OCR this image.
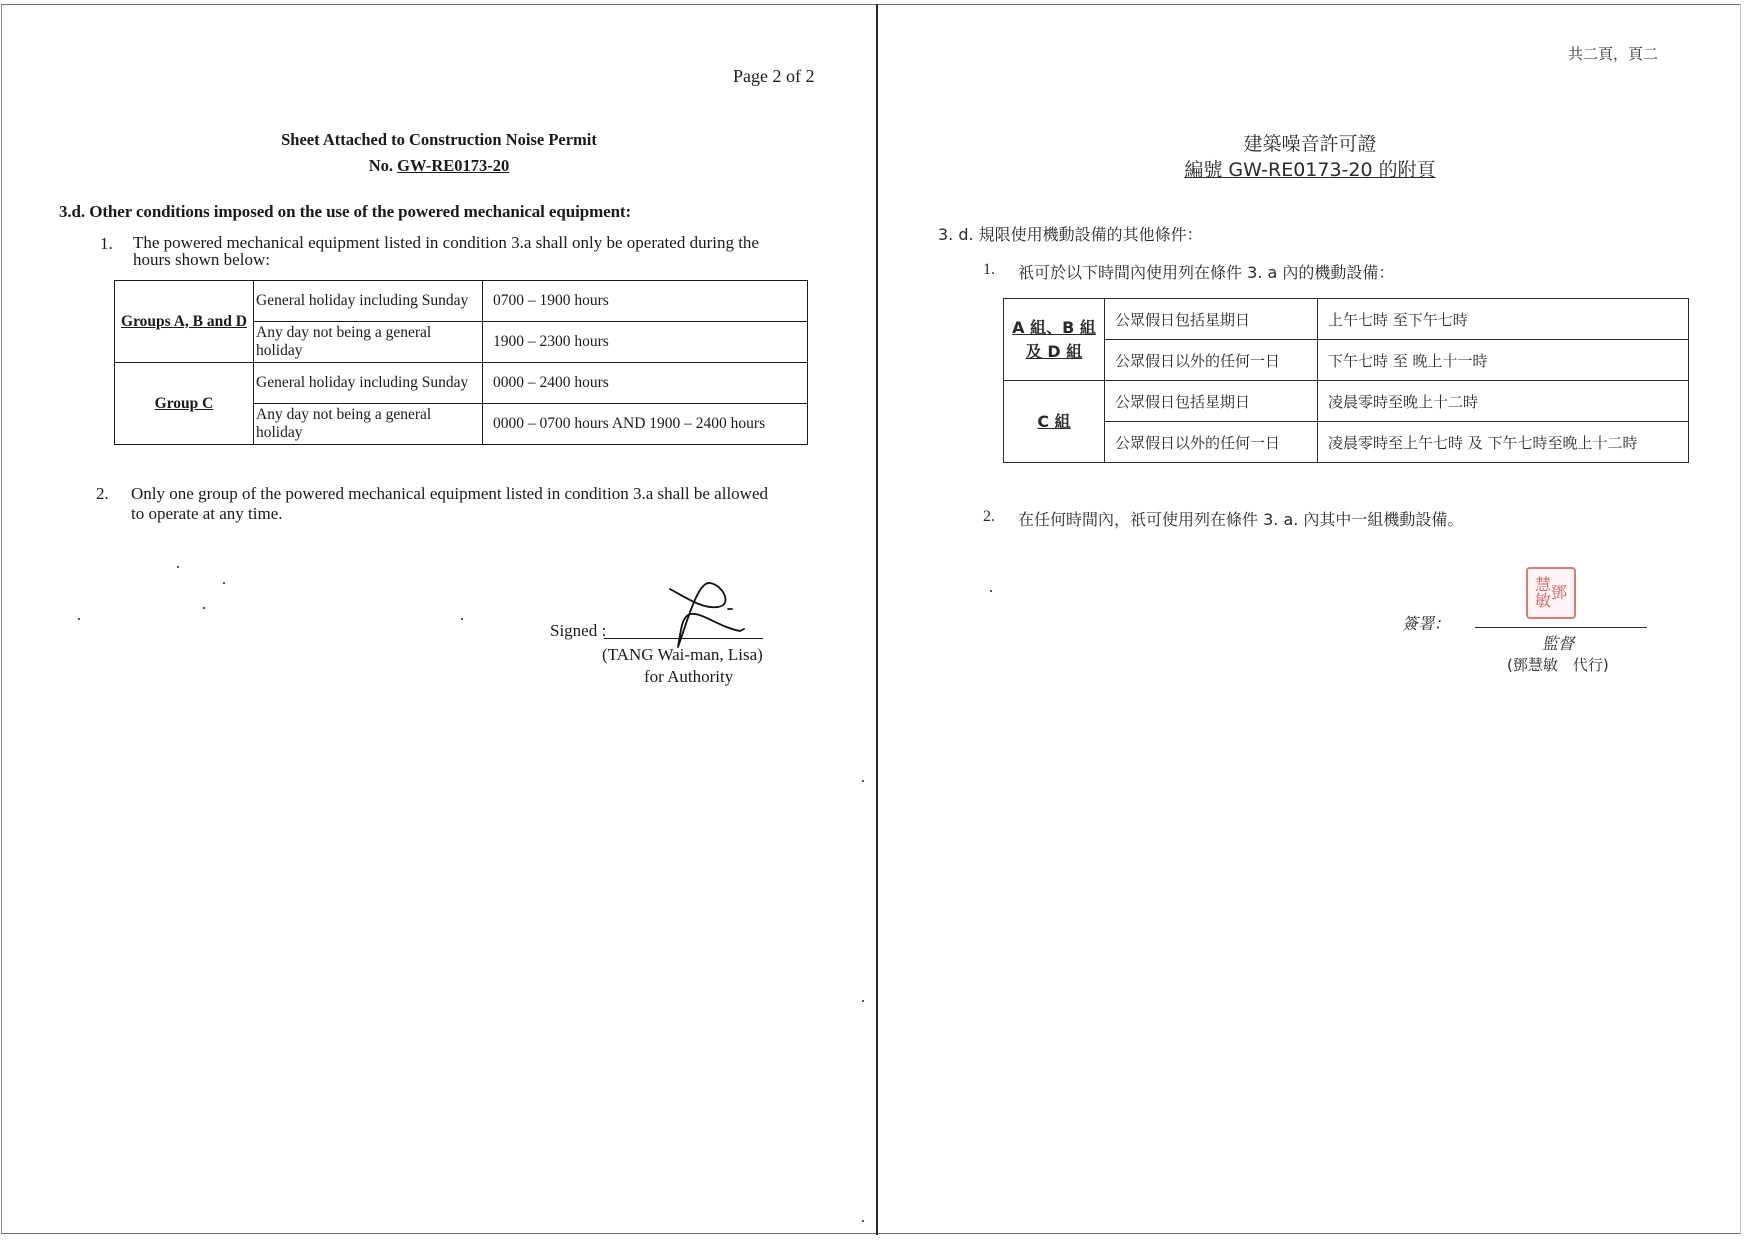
Page 2 of 2
Sheet Attached to Construction Noise Permit
No. GW-RE0173-20
3.d. Other conditions imposed on the use of the powered mechanical equipment:
1. The powered mechanical equipment listed in condition 3.a shall only be operated during the hours shown below:
Groups A, B and D	General holiday including Sunday	0700 – 1900 hours
	Any day not being a general holiday	1900 – 2300 hours
Group C	General holiday including Sunday	0000 – 2400 hours
	Any day not being a general holiday	0000 – 0700 hours AND 1900 – 2400 hours
2. Only one group of the powered mechanical equipment listed in condition 3.a shall be allowed to operate at any time.
Signed :
(TANG Wai-man, Lisa)
for Authority
共二頁，頁二
建築噪音許可證
編號 GW-RE0173-20 的附頁
3. d. 規限使用機動設備的其他條件：
1. 祇可於以下時間內使用列在條件 3. a 內的機動設備：
A 組、B 組
及 D 組	公眾假日包括星期日	上午七時 至下午七時
	公眾假日以外的任何一日	下午七時 至 晚上十一時

C 組	公眾假日包括星期日	凌晨零時至晚上十二時
	公眾假日以外的任何一日	凌晨零時至上午七時 及 下午七時至晚上十二時
2. 在任何時間內，祇可使用列在條件 3. a. 內其中一組機動設備。
鄧
慧
敏
簽署：
監督
(鄧慧敏　代行)
